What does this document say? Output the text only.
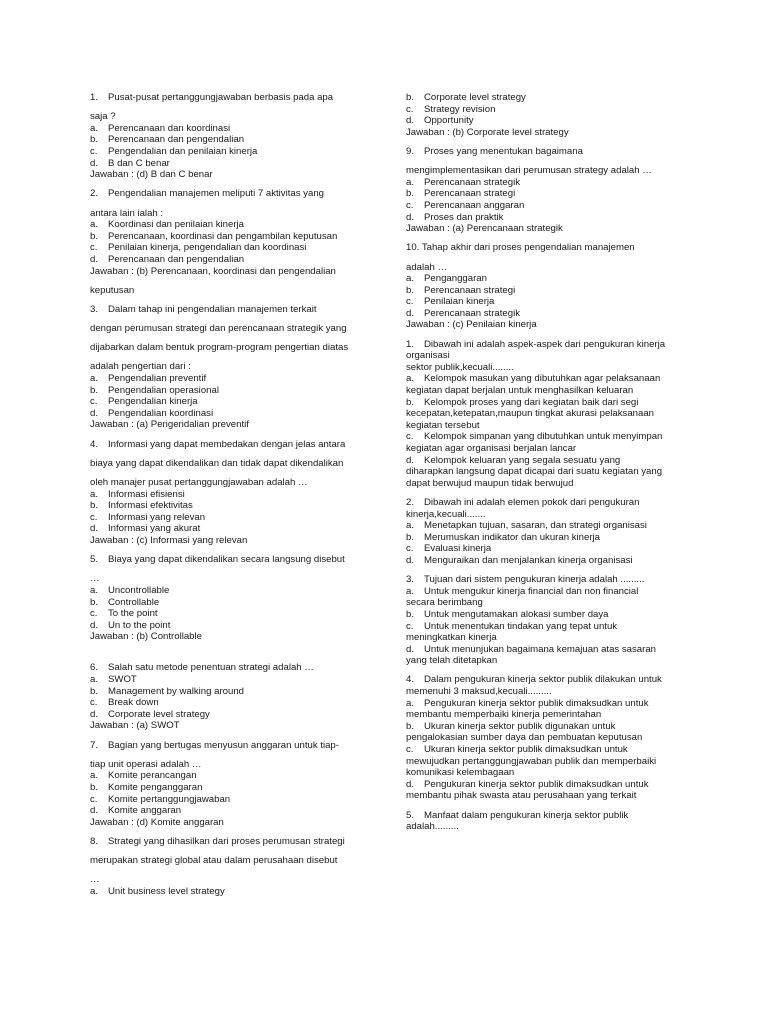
1.	Pusat-pusat pertanggungjawaban berbasis pada apa
saja ?
a.	Perencanaan dan koordinasi
b.	Perencanaan dan pengendalian
c.	Pengendalian dan penilaian kinerja
d.	B dan C benar
Jawaban : (d) B dan C benar
2.	Pengendalian manajemen meliputi 7 aktivitas yang
antara lain ialah :
a.	Koordinasi dan penilaian kinerja
b.	Perencanaan, koordinasi dan pengambilan keputusan
c.	Penilaian kinerja, pengendalian dan koordinasi
d.	Perencanaan dan pengendalian
Jawaban : (b) Perencanaan, koordinasi dan pengendalian
keputusan
3.	Dalam tahap ini pengendalian manajemen terkait
dengan perumusan strategi dan perencanaan strategik yang
dijabarkan dalam bentuk program-program pengertian diatas
adalah pengertian dari :
a.	Pengendalian preventif
b.	Pengendalian operasional
c.	Pengendalian kinerja
d.	Pengendalian koordinasi
Jawaban : (a) Pengendalian preventif
4.	Informasi yang dapat membedakan dengan jelas antara
biaya yang dapat dikendalikan dan tidak dapat dikendalikan
oleh manajer pusat pertanggungjawaban adalah …
a.	Informasi efisiensi
b.	Informasi efektivitas
c.	Informasi yang relevan
d.	Informasi yang akurat
Jawaban : (c) Informasi yang relevan
5.	Biaya yang dapat dikendalikan secara langsung disebut
…
a.	Uncontrollable
b.	Controllable
c.	To the point
d.	Un to the point
Jawaban : (b) Controllable
6.	Salah satu metode penentuan strategi adalah …
a.	SWOT
b.	Management by walking around
c.	Break down
d.	Corporate level strategy
Jawaban : (a) SWOT
7.	Bagian yang bertugas menyusun anggaran untuk tiap-
tiap unit operasi adalah …
a.	Komite perancangan
b.	Komite penganggaran
c.	Komite pertanggungjawaban
d.	Komite anggaran
Jawaban : (d) Komite anggaran
8.	Strategi yang dihasilkan dari proses perumusan strategi
merupakan strategi global atau dalam perusahaan disebut
…
a.	Unit business level strategy
b.	Corporate level strategy
c.	Strategy revision
d.	Opportunity
Jawaban : (b) Corporate level strategy
9.	Proses yang menentukan bagaimana
mengimplementasikan dari perumusan strategy adalah …
a.	Perencanaan strategik
b.	Perencanaan strategi
c.	Perencanaan anggaran
d.	Proses dan praktik
Jawaban : (a) Perencanaan strategik
10. Tahap akhir dari proses pengendalian manajemen
adalah …
a.	Penganggaran
b.	Perencanaan strategi
c.	Penilaian kinerja
d.	Perencanaan strategik
Jawaban : (c) Penilaian kinerja
1.	Dibawah ini adalah aspek-aspek dari pengukuran kinerja
organisasi
sektor publik,kecuali........
a.	Kelompok masukan yang dibutuhkan agar pelaksanaan
kegiatan dapat berjalan untuk menghasilkan keluaran
b.	Kelompok proses yang dari kegiatan baik dari segi
kecepatan,ketepatan,maupun tingkat akurasi pelaksanaan
kegiatan tersebut
c.	Kelompok simpanan yang dibutuhkan untuk menyimpan
kegiatan agar organisasi berjalan lancar
d.	Kelompok keluaran yang segala sesuatu yang
diharapkan langsung dapat dicapai dari suatu kegiatan yang
dapat berwujud maupun tidak berwujud
2.	Dibawah ini adalah elemen pokok dari pengukuran
kinerja,kecuali.......
a.	Menetapkan tujuan, sasaran, dan strategi organisasi
b.	Merumuskan indikator dan ukuran kinerja
c.	Evaluasi kinerja
d.	Menguraikan dan menjalankan kinerja organisasi
3.	Tujuan dari sistem pengukuran kinerja adalah .........
a.	Untuk mengukur kinerja financial dan non financial
secara berimbang
b.	Untuk mengutamakan alokasi sumber daya
c.	Untuk menentukan tindakan yang tepat untuk
meningkatkan kinerja
d.	Untuk menunjukan bagaimana kemajuan atas sasaran
yang telah ditetapkan
4.	Dalam pengukuran kinerja sektor publik dilakukan untuk
memenuhi 3 maksud,kecuali.........
a.	Pengukuran kinerja sektor publik dimaksudkan untuk
membantu memperbaiki kinerja pemerintahan
b.	Ukuran kinerja sektor publik digunakan untuk
pengalokasian sumber daya dan pembuatan keputusan
c.	Ukuran kinerja sektor publik dimaksudkan untuk
mewujudkan pertanggungjawaban publik dan memperbaiki
komunikasi kelembagaan
d.	Pengukuran kinerja sektor publik dimaksudkan untuk
membantu pihak swasta atau perusahaan yang terkait
5.	Manfaat dalam pengukuran kinerja sektor publik
adalah.........
